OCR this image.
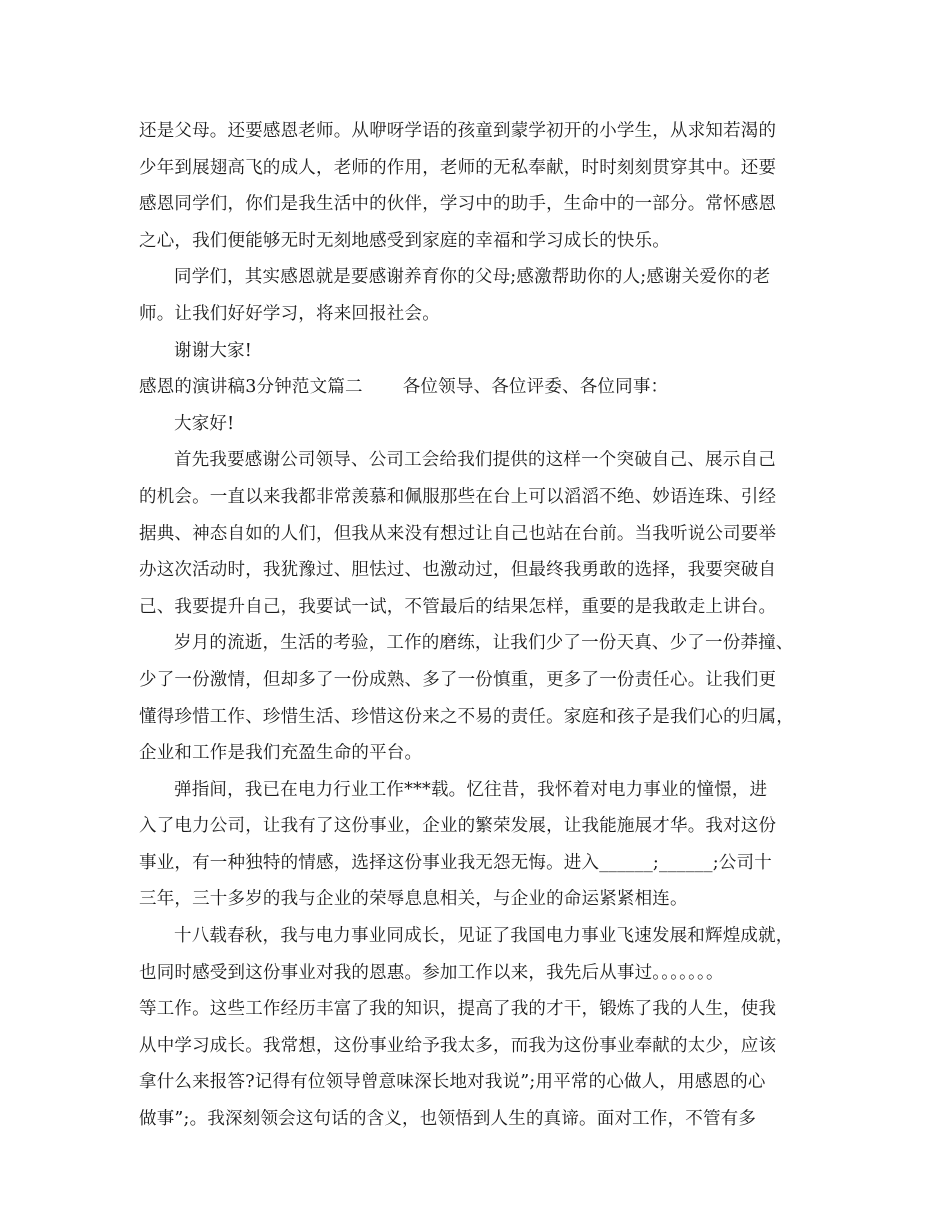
还是父母。还要感恩老师。从咿呀学语的孩童到蒙学初开的小学生，从求知若渴的
少年到展翅高飞的成人，老师的作用，老师的无私奉献，时时刻刻贯穿其中。还要
感恩同学们，你们是我生活中的伙伴，学习中的助手，生命中的一部分。常怀感恩
之心，我们便能够无时无刻地感受到家庭的幸福和学习成长的快乐。
同学们，其实感恩就是要感谢养育你的父母;感激帮助你的人;感谢关爱你的老
师。让我们好好学习，将来回报社会。
谢谢大家!
感恩的演讲稿3分钟范文篇二 各位领导、各位评委、各位同事：
大家好!
首先我要感谢公司领导、公司工会给我们提供的这样一个突破自己、展示自己
的机会。一直以来我都非常羡慕和佩服那些在台上可以滔滔不绝、妙语连珠、引经
据典、神态自如的人们，但我从来没有想过让自己也站在台前。当我听说公司要举
办这次活动时，我犹豫过、胆怯过、也激动过，但最终我勇敢的选择，我要突破自
己、我要提升自己，我要试一试，不管最后的结果怎样，重要的是我敢走上讲台。
岁月的流逝，生活的考验，工作的磨练，让我们少了一份天真、少了一份莽撞、
少了一份激情，但却多了一份成熟、多了一份慎重，更多了一份责任心。让我们更
懂得珍惜工作、珍惜生活、珍惜这份来之不易的责任。家庭和孩子是我们心的归属，
企业和工作是我们充盈生命的平台。
弹指间，我已在电力行业工作***载。忆往昔，我怀着对电力事业的憧憬，进
入了电力公司，让我有了这份事业，企业的繁荣发展，让我能施展才华。我对这份
事业，有一种独特的情感，选择这份事业我无怨无悔。进入______;______;公司十
三年，三十多岁的我与企业的荣辱息息相关，与企业的命运紧紧相连。
十八载春秋，我与电力事业同成长，见证了我国电力事业飞速发展和辉煌成就，
也同时感受到这份事业对我的恩惠。参加工作以来，我先后从事过。。。。。。。
等工作。这些工作经历丰富了我的知识，提高了我的才干，锻炼了我的人生，使我
从中学习成长。我常想，这份事业给予我太多，而我为这份事业奉献的太少，应该
拿什么来报答?记得有位领导曾意味深长地对我说”;用平常的心做人，用感恩的心
做事”;。我深刻领会这句话的含义，也领悟到人生的真谛。面对工作，不管有多
